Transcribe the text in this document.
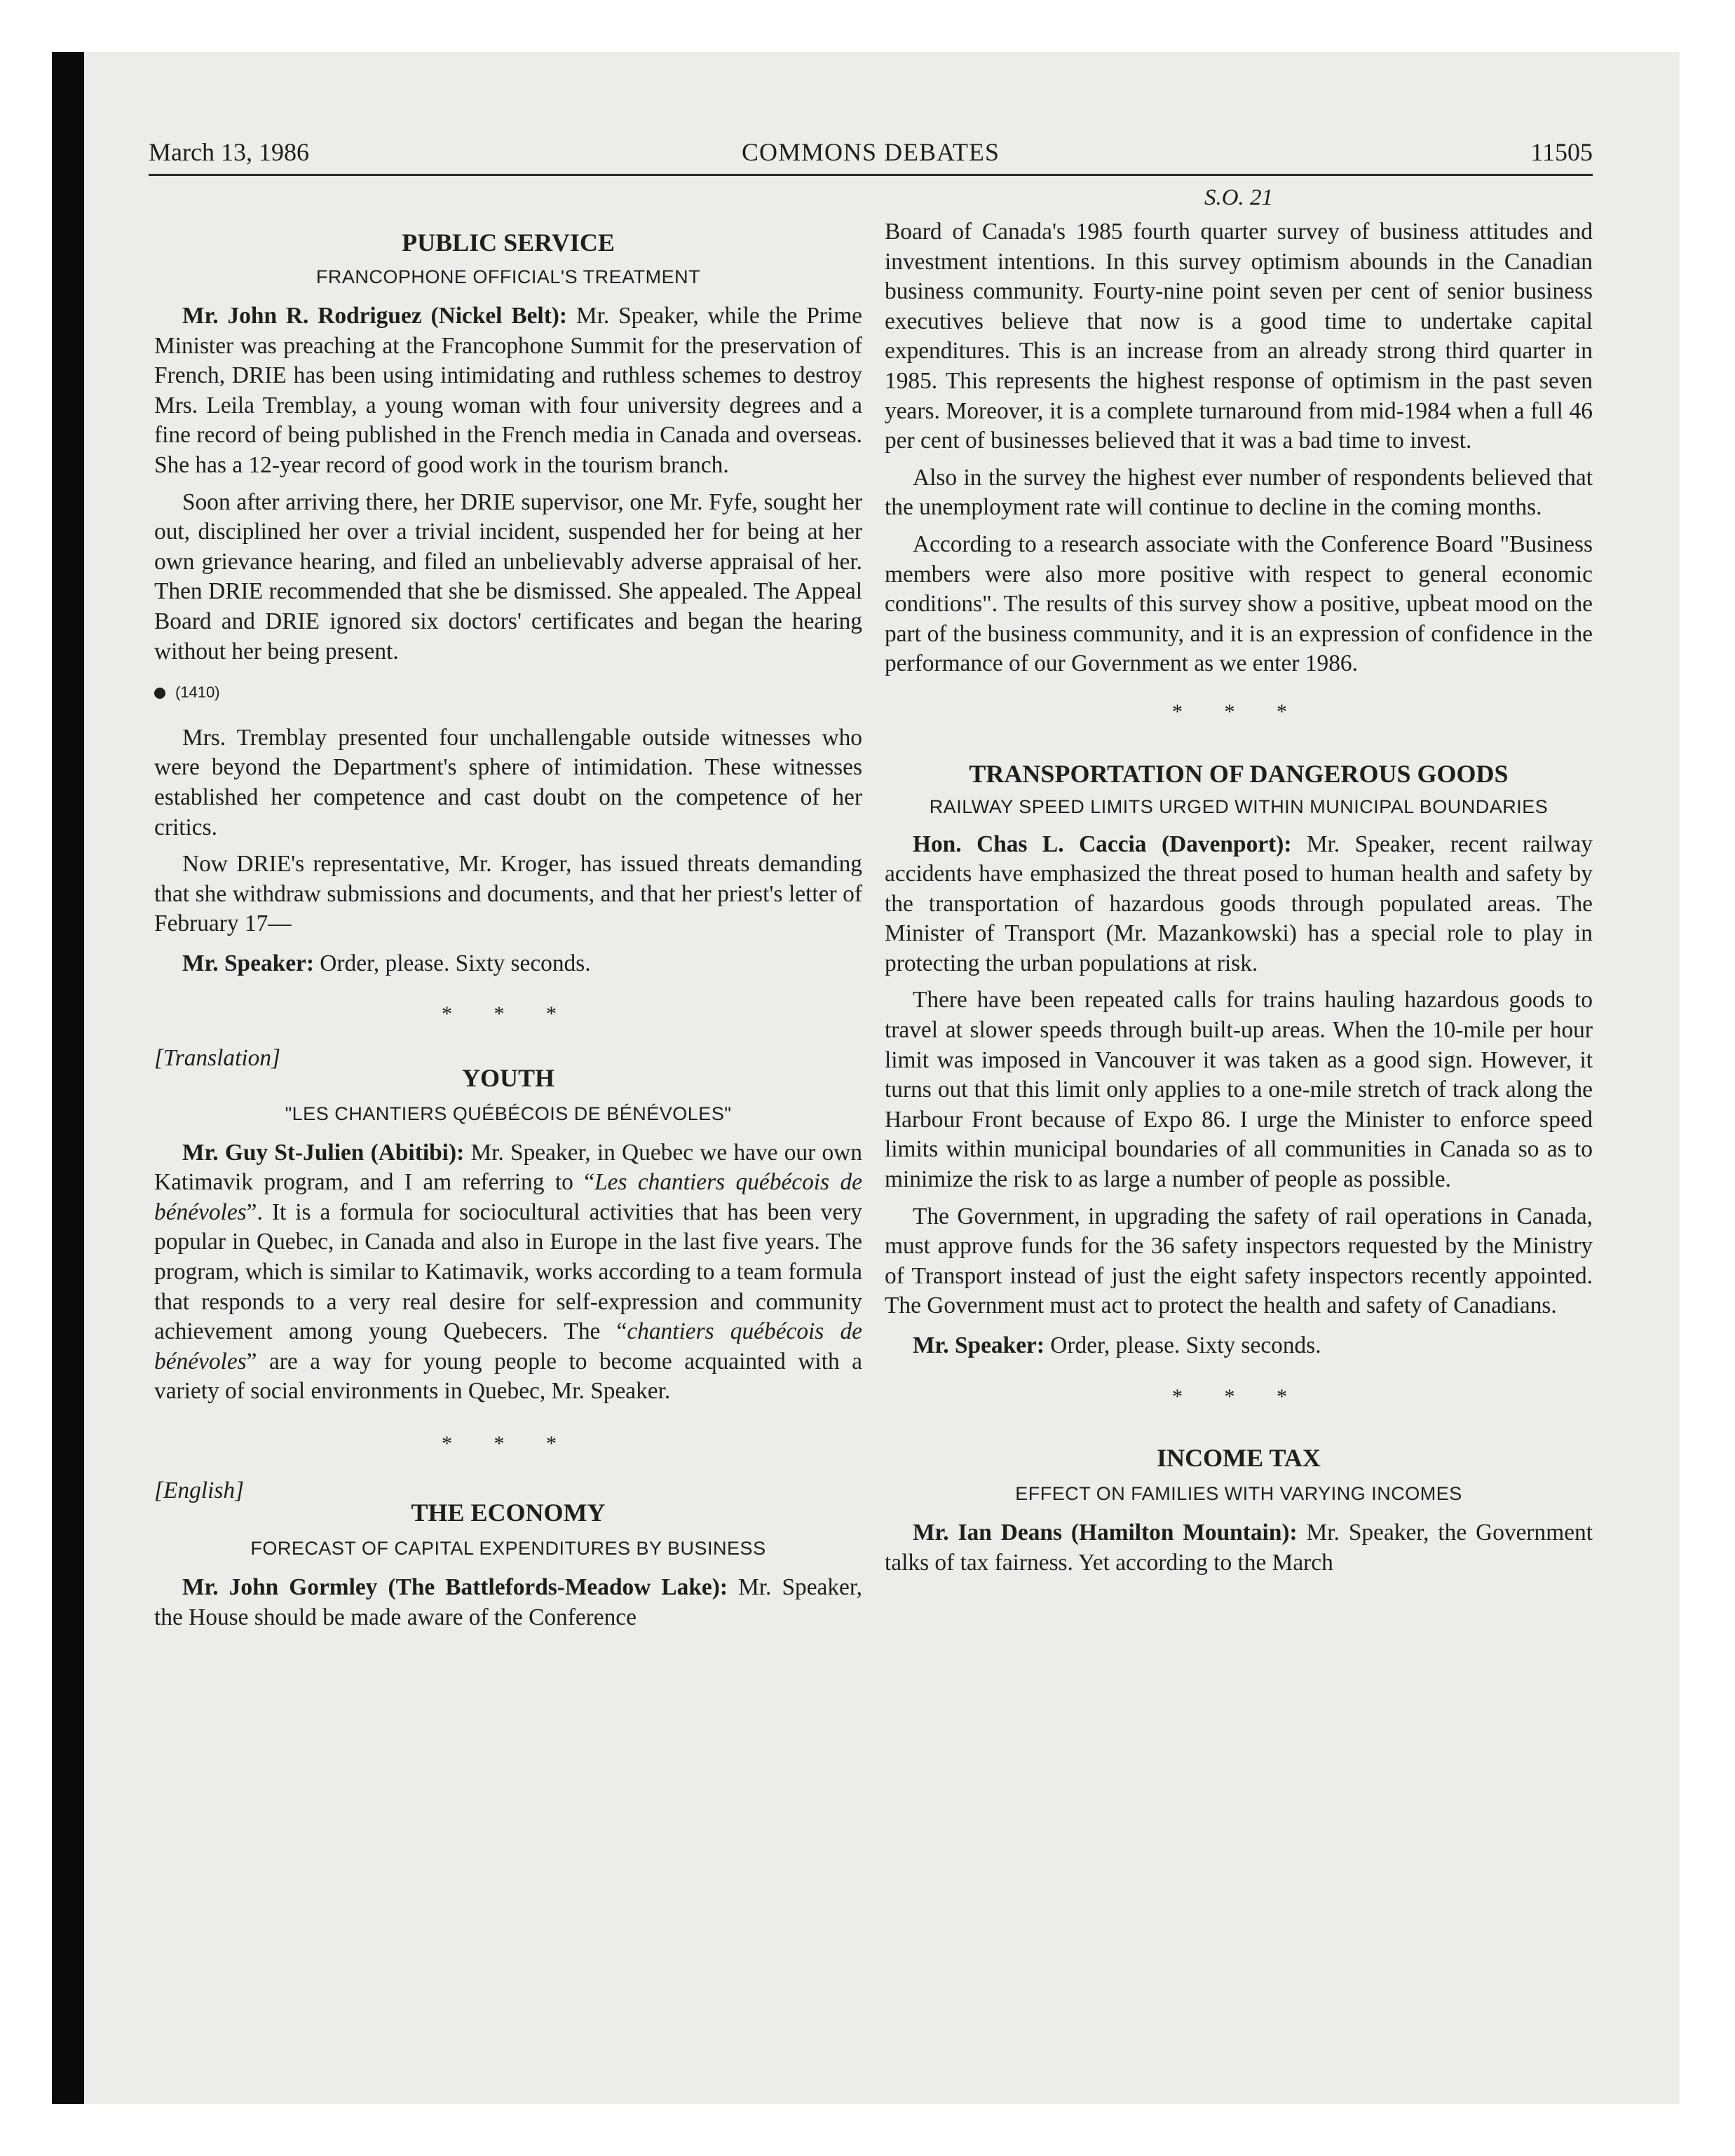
March 13, 1986	COMMONS DEBATES	11505
PUBLIC SERVICE
FRANCOPHONE OFFICIAL'S TREATMENT

Mr. John R. Rodriguez (Nickel Belt): Mr. Speaker, while the Prime Minister was preaching at the Francophone Summit for the preservation of French, DRIE has been using intimidating and ruthless schemes to destroy Mrs. Leila Tremblay, a young woman with four university degrees and a fine record of being published in the French media in Canada and overseas. She has a 12-year record of good work in the tourism branch.

Soon after arriving there, her DRIE supervisor, one Mr. Fyfe, sought her out, disciplined her over a trivial incident, suspended her for being at her own grievance hearing, and filed an unbelievably adverse appraisal of her. Then DRIE recommended that she be dismissed. She appealed. The Appeal Board and DRIE ignored six doctors' certificates and began the hearing without her being present.

(1410)

Mrs. Tremblay presented four unchallengable outside witnesses who were beyond the Department's sphere of intimidation. These witnesses established her competence and cast doubt on the competence of her critics.

Now DRIE's representative, Mr. Kroger, has issued threats demanding that she withdraw submissions and documents, and that her priest's letter of February 17—

Mr. Speaker: Order, please. Sixty seconds.

* * *

[Translation]

YOUTH
"LES CHANTIERS QUÉBÉCOIS DE BÉNÉVOLES"

Mr. Guy St-Julien (Abitibi): Mr. Speaker, in Quebec we have our own Katimavik program, and I am referring to “Les chantiers québécois de bénévoles”. It is a formula for sociocultural activities that has been very popular in Quebec, in Canada and also in Europe in the last five years. The program, which is similar to Katimavik, works according to a team formula that responds to a very real desire for self-expression and community achievement among young Quebecers. The “chantiers québécois de bénévoles” are a way for young people to become acquainted with a variety of social environments in Quebec, Mr. Speaker.

* * *

[English]

THE ECONOMY
FORECAST OF CAPITAL EXPENDITURES BY BUSINESS

Mr. John Gormley (The Battlefords-Meadow Lake): Mr. Speaker, the House should be made aware of the Conference

S.O. 21

Board of Canada's 1985 fourth quarter survey of business attitudes and investment intentions. In this survey optimism abounds in the Canadian business community. Fourty-nine point seven per cent of senior business executives believe that now is a good time to undertake capital expenditures. This is an increase from an already strong third quarter in 1985. This represents the highest response of optimism in the past seven years. Moreover, it is a complete turnaround from mid-1984 when a full 46 per cent of businesses believed that it was a bad time to invest.

Also in the survey the highest ever number of respondents believed that the unemployment rate will continue to decline in the coming months.

According to a research associate with the Conference Board "Business members were also more positive with respect to general economic conditions". The results of this survey show a positive, upbeat mood on the part of the business community, and it is an expression of confidence in the performance of our Government as we enter 1986.

* * *
TRANSPORTATION OF DANGEROUS GOODS
RAILWAY SPEED LIMITS URGED WITHIN MUNICIPAL BOUNDARIES

Hon. Chas L. Caccia (Davenport): Mr. Speaker, recent railway accidents have emphasized the threat posed to human health and safety by the transportation of hazardous goods through populated areas. The Minister of Transport (Mr. Mazankowski) has a special role to play in protecting the urban populations at risk.

There have been repeated calls for trains hauling hazardous goods to travel at slower speeds through built-up areas. When the 10-mile per hour limit was imposed in Vancouver it was taken as a good sign. However, it turns out that this limit only applies to a one-mile stretch of track along the Harbour Front because of Expo 86. I urge the Minister to enforce speed limits within municipal boundaries of all communities in Canada so as to minimize the risk to as large a number of people as possible.

The Government, in upgrading the safety of rail operations in Canada, must approve funds for the 36 safety inspectors requested by the Ministry of Transport instead of just the eight safety inspectors recently appointed. The Government must act to protect the health and safety of Canadians.

Mr. Speaker: Order, please. Sixty seconds.

* * *
INCOME TAX
EFFECT ON FAMILIES WITH VARYING INCOMES

Mr. Ian Deans (Hamilton Mountain): Mr. Speaker, the Government talks of tax fairness. Yet according to the March
